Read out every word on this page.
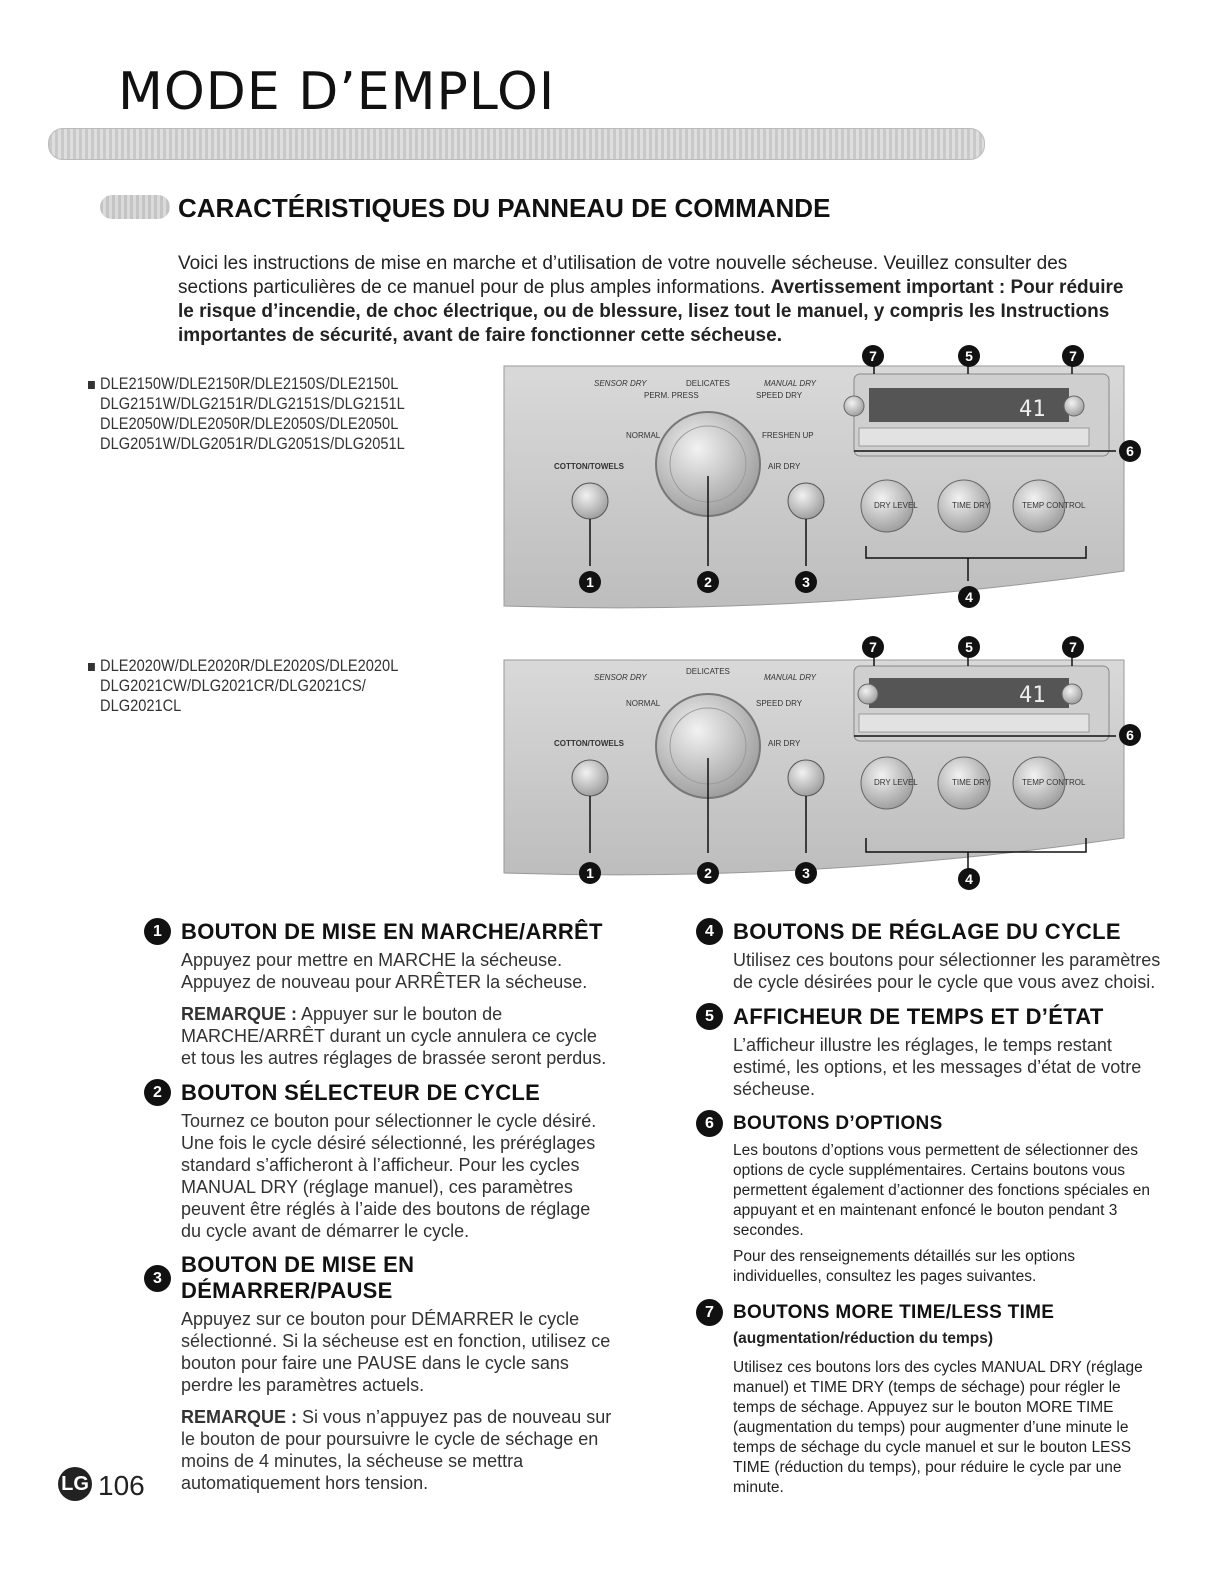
MODE D’EMPLOI
CARACTÉRISTIQUES DU PANNEAU DE COMMANDE

Voici les instructions de mise en marche et d’utilisation de votre nouvelle sécheuse. Veuillez consulter des sections particulières de ce manuel pour de plus amples informations. Avertissement important : Pour réduire le risque d’incendie, de choc électrique, ou de blessure, lisez tout le manuel, y compris les Instructions importantes de sécurité, avant de faire fonctionner cette sécheuse.

DLE2150W/DLE2150R/DLE2150S/DLE2150L
DLG2151W/DLG2151R/DLG2151S/DLG2151L
DLE2050W/DLE2050R/DLE2050S/DLE2050L
DLG2051W/DLG2051R/DLG2051S/DLG2051L
41
SENSOR DRY	DELICATES	MANUAL DRY
PERM. PRESS
NORMAL
COTTON/TOWELS
SPEED DRY
FRESHEN UP
AIR DRY
DRY LEVEL	TIME DRY	TEMP CONTROL
1	2	3
4
5
6
7	7
DLE2020W/DLE2020R/DLE2020S/DLE2020L
DLG2021CW/DLG2021CR/DLG2021CS/
DLG2021CL	41
SENSOR DRY
DELICATES
MANUAL DRY
NORMAL
COTTON/TOWELS
SPEED DRY
AIR DRY
DRY LEVEL	TIME DRY	TEMP CONTROL
1	2	3	4
5
6
7	7
1 BOUTON DE MISE EN MARCHE/ARRÊT

Appuyez pour mettre en MARCHE la sécheuse. Appuyez de nouveau pour ARRÊTER la sécheuse.

REMARQUE : Appuyer sur le bouton de MARCHE/ARRÊT durant un cycle annulera ce cycle et tous les autres réglages de brassée seront perdus.

2 BOUTON SÉLECTEUR DE CYCLE

Tournez ce bouton pour sélectionner le cycle désiré. Une fois le cycle désiré sélectionné, les préréglages standard s’afficheront à l’afficheur. Pour les cycles MANUAL DRY (réglage manuel), ces paramètres peuvent être réglés à l’aide des boutons de réglage du cycle avant de démarrer le cycle.

3
BOUTON DE MISE EN DÉMARRER/PAUSE

Appuyez sur ce bouton pour DÉMARRER le cycle sélectionné. Si la sécheuse est en fonction, utilisez ce bouton pour faire une PAUSE dans le cycle sans perdre les paramètres actuels.

REMARQUE : Si vous n’appuyez pas de nouveau sur le bouton de pour poursuivre le cycle de séchage en moins de 4 minutes, la sécheuse se mettra automatiquement hors tension.

4 BOUTONS DE RÉGLAGE DU CYCLE

Utilisez ces boutons pour sélectionner les paramètres de cycle désirées pour le cycle que vous avez choisi.

5 AFFICHEUR DE TEMPS ET D’ÉTAT

L’afficheur illustre les réglages, le temps restant estimé, les options, et les messages d’état de votre sécheuse.

6	BOUTONS D’OPTIONS

Les boutons d’options vous permettent de sélectionner des options de cycle supplémentaires. Certains boutons vous permettent également d’actionner des fonctions spéciales en appuyant et en maintenant enfoncé le bouton pendant 3 secondes.

Pour des renseignements détaillés sur les options individuelles, consultez les pages suivantes.

7	BOUTONS MORE TIME/LESS TIME

(augmentation/réduction du temps)

Utilisez ces boutons lors des cycles MANUAL DRY (réglage manuel) et TIME DRY (temps de séchage) pour régler le temps de séchage. Appuyez sur le bouton MORE TIME (augmentation du temps) pour augmenter d’une minute le temps de séchage du cycle manuel et sur le bouton LESS TIME (réduction du temps), pour réduire le cycle par une minute.

LG 106
